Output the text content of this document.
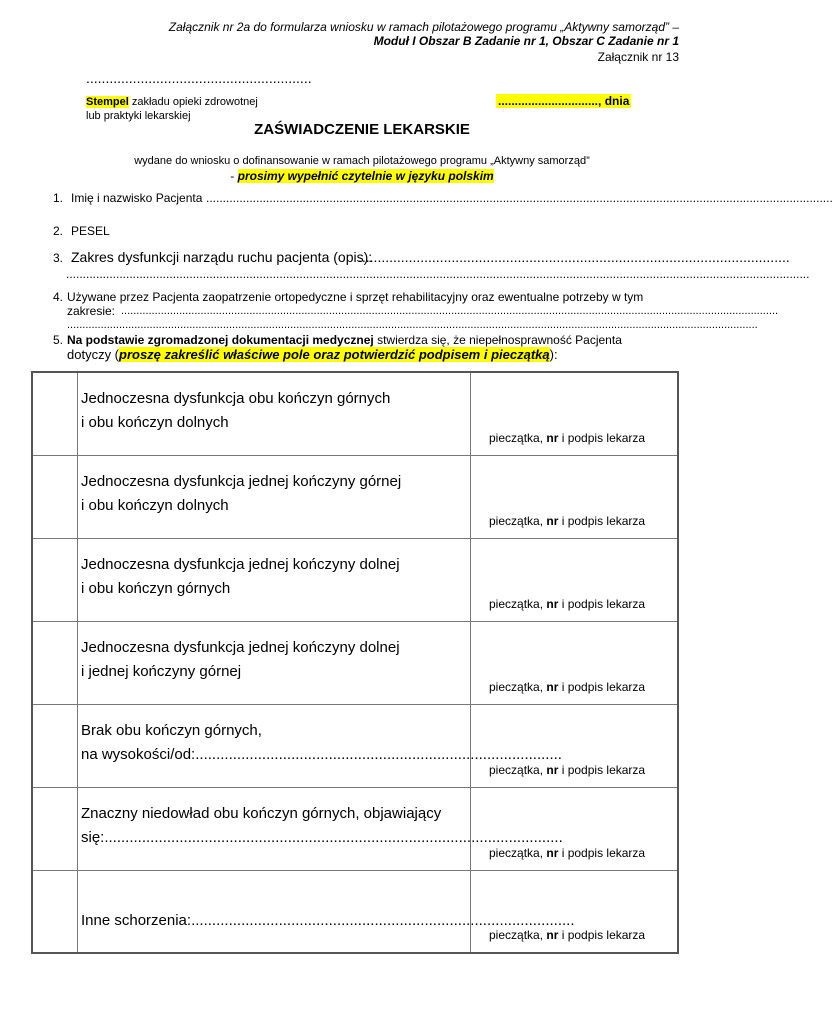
Załącznik nr 2a do formularza wniosku w ramach pilotażowego programu „Aktywny samorząd” –
Moduł I Obszar B Zadanie nr 1, Obszar C Zadanie nr 1
Załącznik nr 13
..........................................................
Stempel zakładu opieki zdrowotnej
lub praktyki lekarskiej
.............................., dnia
ZAŚWIADCZENIE LEKARSKIE
wydane do wniosku o dofinansowanie w ramach pilotażowego programu „Aktywny samorząd”
- prosimy wypełnić czytelnie w języku polskim
1. Imię i nazwisko Pacjenta ............................................................................................................................................................................................
2. PESEL
3. Zakres dysfunkcji narządu ruchu pacjenta (opis):
...............................................................................................................
...............................................................................................................................................................................................................................
4. Używane przez Pacjenta zaopatrzenie ortopedyczne i sprzęt rehabilitacyjny oraz ewentualne potrzeby w tym
zakresie: .......................................................................................................................................................................................................................
..................................................................................................................................................................................................................................
5. Na podstawie zgromadzonej dokumentacji medycznej stwierdza się, że niepełnosprawność Pacjenta
dotyczy (proszę zakreślić właściwe pole oraz potwierdzić podpisem i pieczątką):

	Jednoczesna dysfunkcja obu kończyn górnych
i obu kończyn dolnych	pieczątka, nr i podpis lekarza

	Jednoczesna dysfunkcja jednej kończyny górnej
i obu kończyn dolnych	pieczątka, nr i podpis lekarza

	Jednoczesna dysfunkcja jednej kończyny dolnej
i obu kończyn górnych	pieczątka, nr i podpis lekarza

	Jednoczesna dysfunkcja jednej kończyny dolnej
i jednej kończyny górnej	pieczątka, nr i podpis lekarza

	Brak obu kończyn górnych,
na wysokości/od: ........................................................................................	pieczątka, nr i podpis lekarza

	Znaczny niedowład obu kończyn górnych, objawiający
się: ..............................................................................................................	pieczątka, nr i podpis lekarza

	Inne schorzenia: ............................................................................................	pieczątka, nr i podpis lekarza
